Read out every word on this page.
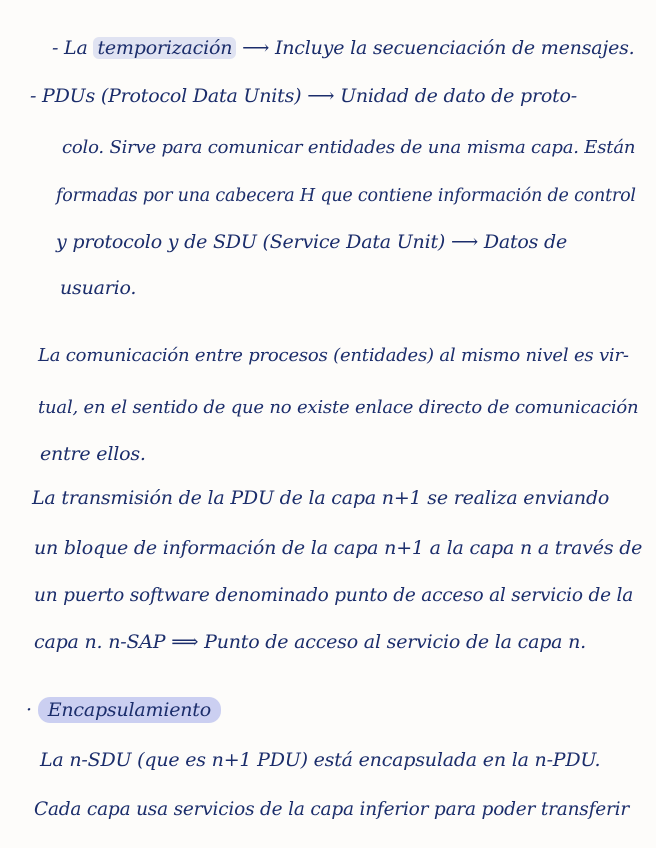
- La temporización ⟶ Incluye la secuenciación de mensajes.
- PDUs (Protocol Data Units) ⟶ Unidad de dato de proto-
colo. Sirve para comunicar entidades de una misma capa. Están
formadas por una cabecera H que contiene información de control
y protocolo y de SDU (Service Data Unit) ⟶ Datos de
usuario.
La comunicación entre procesos (entidades) al mismo nivel es vir-
tual, en el sentido de que no existe enlace directo de comunicación
entre ellos.
La transmisión de la PDU de la capa n+1 se realiza enviando
un bloque de información de la capa n+1 a la capa n a través de
un puerto software denominado punto de acceso al servicio de la
capa n. n-SAP ⟹ Punto de acceso al servicio de la capa n.
· Encapsulamiento
La n-SDU (que es n+1 PDU) está encapsulada en la n-PDU.
Cada capa usa servicios de la capa inferior para poder transferir
